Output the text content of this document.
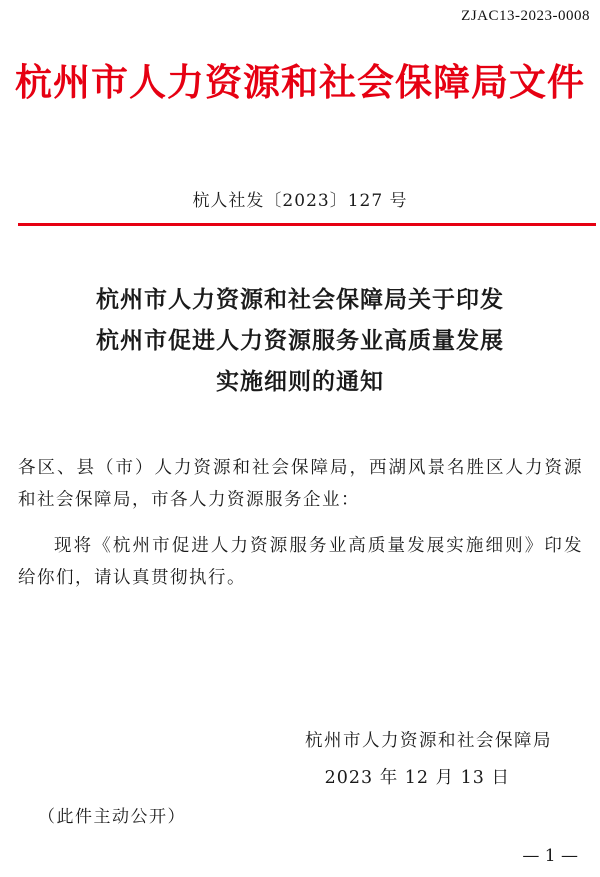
ZJAC13-2023-0008
杭州市人力资源和社会保障局文件
杭人社发〔2023〕127 号
杭州市人力资源和社会保障局关于印发
杭州市促进人力资源服务业高质量发展
实施细则的通知
各区、县（市）人力资源和社会保障局，西湖风景名胜区人力资源和社会保障局，市各人力资源服务企业：
现将《杭州市促进人力资源服务业高质量发展实施细则》印发给你们，请认真贯彻执行。
杭州市人力资源和社会保障局
2023 年 12 月 13 日
（此件主动公开）
— 1 —
